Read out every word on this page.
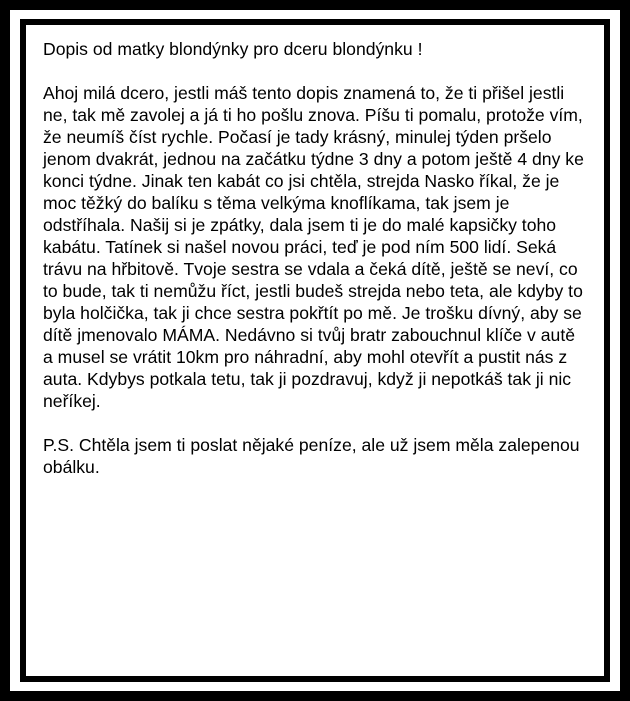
Dopis od matky blondýnky pro dceru blondýnku !

Ahoj milá dcero, jestli máš tento dopis znamená to, že ti přišel jestli ne, tak mě zavolej a já ti ho pošlu znova. Píšu ti pomalu, protože vím, že neumíš číst rychle. Počasí je tady krásný, minulej týden pršelo jenom dvakrát, jednou na začátku týdne 3 dny a potom ještě 4 dny ke konci týdne. Jinak ten kabát co jsi chtěla, strejda Nasko říkal, že je moc těžký do balíku s těma velkýma knoflíkama, tak jsem je odstříhala. Našij si je zpátky, dala jsem ti je do malé kapsičky toho kabátu. Tatínek si našel novou práci, teď je pod ním 500 lidí. Seká trávu na hřbitově. Tvoje sestra se vdala a čeká dítě, ještě se neví, co to bude, tak ti nemůžu říct, jestli budeš strejda nebo teta, ale kdyby to byla holčička, tak ji chce sestra pokřtít po mě. Je trošku dívný, aby se dítě jmenovalo MÁMA. Nedávno si tvůj bratr zabouchnul klíče v autě a musel se vrátit 10km pro náhradní, aby mohl otevřít a pustit nás z auta. Kdybys potkala tetu, tak ji pozdravuj, když ji nepotkáš tak ji nic neříkej.

P.S. Chtěla jsem ti poslat nějaké peníze, ale už jsem měla zalepenou obálku.
